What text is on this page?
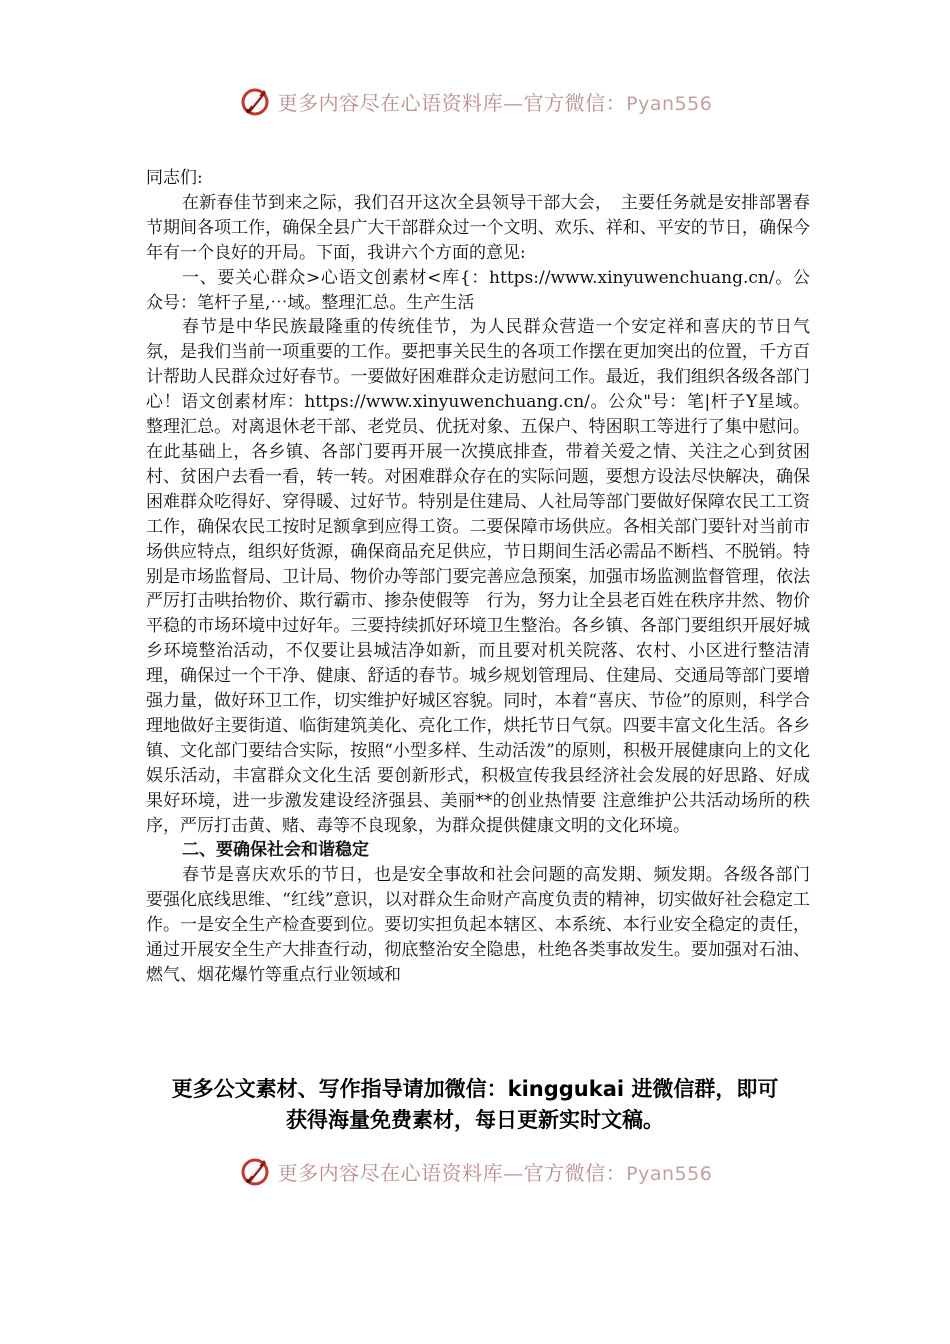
更多内容尽在心语资料库—官方微信：Pyan556

同志们:

在新春佳节到来之际，我们召开这次全县领导干部大会，　主要任务就是安排部署春节期间各项工作，确保全县广大干部群众过一个文明、欢乐、祥和、平安的节日，确保今年有一个良好的开局。下面，我讲六个方面的意见:

一、要关心群众>心语文创素材<库{：https://www.xinyuwenchuang.cn/。公众号：笔杆子星,⋯域。整理汇总。生产生活

春节是中华民族最隆重的传统佳节，为人民群众营造一个安定祥和喜庆的节日气氛，是我们当前一项重要的工作。要把事关民生的各项工作摆在更加突出的位置，千方百计帮助人民群众过好春节。一要做好困难群众走访慰问工作。最近，我们组织各级各部门心！语文创素材库：https://www.xinyuwenchuang.cn/。公众"号：笔|杆子Y星域。整理汇总。对离退休老干部、老党员、优抚对象、五保户、特困职工等进行了集中慰问。在此基础上，各乡镇、各部门要再开展一次摸底排查，带着关爱之情、关注之心到贫困村、贫困户去看一看，转一转。对困难群众存在的实际问题，要想方设法尽快解决，确保困难群众吃得好、穿得暖、过好节。特别是住建局、人社局等部门要做好保障农民工工资工作，确保农民工按时足额拿到应得工资。二要保障市场供应。各相关部门要针对当前市场供应特点，组织好货源，确保商品充足供应，节日期间生活必需品不断档、不脱销。特别是市场监督局、卫计局、物价办等部门要完善应急预案，加强市场监测监督管理，依法严厉打击哄抬物价、欺行霸市、掺杂使假等　行为，努力让全县老百姓在秩序井然、物价平稳的市场环境中过好年。三要持续抓好环境卫生整治。各乡镇、各部门要组织开展好城乡环境整治活动，不仅要让县城洁净如新，而且要对机关院落、农村、小区进行整洁清理，确保过一个干净、健康、舒适的春节。城乡规划管理局、住建局、交通局等部门要增强力量，做好环卫工作，切实维护好城区容貌。同时，本着“喜庆、节俭”的原则，科学合理地做好主要街道、临街建筑美化、亮化工作，烘托节日气氛。四要丰富文化生活。各乡镇、文化部门要结合实际，按照“小型多样、生动活泼”的原则，积极开展健康向上的文化娱乐活动，丰富群众文化生活 要创新形式，积极宣传我县经济社会发展的好思路、好成果好环境，进一步激发建设经济强县、美丽**的创业热情要 注意维护公共活动场所的秩序，严厉打击黄、赌、毒等不良现象，为群众提供健康文明的文化环境。

二、要确保社会和谐稳定

春节是喜庆欢乐的节日，也是安全事故和社会问题的高发期、频发期。各级各部门要强化底线思维、“红线”意识，以对群众生命财产高度负责的精神，切实做好社会稳定工作。一是安全生产检查要到位。要切实担负起本辖区、本系统、本行业安全稳定的责任，通过开展安全生产大排查行动，彻底整治安全隐患，杜绝各类事故发生。要加强对石油、燃气、烟花爆竹等重点行业领域和

更多公文素材、写作指导请加微信：kinggukai 进微信群，即可
获得海量免费素材，每日更新实时文稿。
更多内容尽在心语资料库—官方微信：Pyan556
